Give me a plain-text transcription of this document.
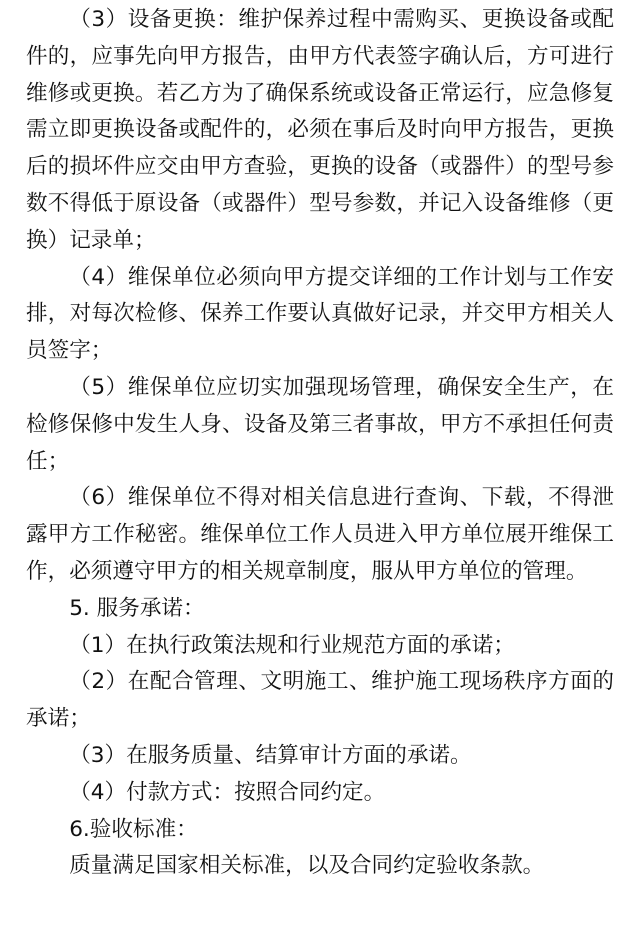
（3）设备更换：维护保养过程中需购买、更换设备或配件的，应事先向甲方报告，由甲方代表签字确认后，方可进行维修或更换。若乙方为了确保系统或设备正常运行，应急修复需立即更换设备或配件的，必须在事后及时向甲方报告，更换后的损坏件应交由甲方查验，更换的设备（或器件）的型号参数不得低于原设备（或器件）型号参数，并记入设备维修（更换）记录单；

（4）维保单位必须向甲方提交详细的工作计划与工作安排，对每次检修、保养工作要认真做好记录，并交甲方相关人员签字；

（5）维保单位应切实加强现场管理，确保安全生产，在检修保修中发生人身、设备及第三者事故，甲方不承担任何责任；

（6）维保单位不得对相关信息进行查询、下载，不得泄露甲方工作秘密。维保单位工作人员进入甲方单位展开维保工作，必须遵守甲方的相关规章制度，服从甲方单位的管理。

5. 服务承诺：

（1）在执行政策法规和行业规范方面的承诺；

（2）在配合管理、文明施工、维护施工现场秩序方面的承诺；

（3）在服务质量、结算审计方面的承诺。

（4）付款方式：按照合同约定。

6.验收标准：

质量满足国家相关标准，以及合同约定验收条款。
